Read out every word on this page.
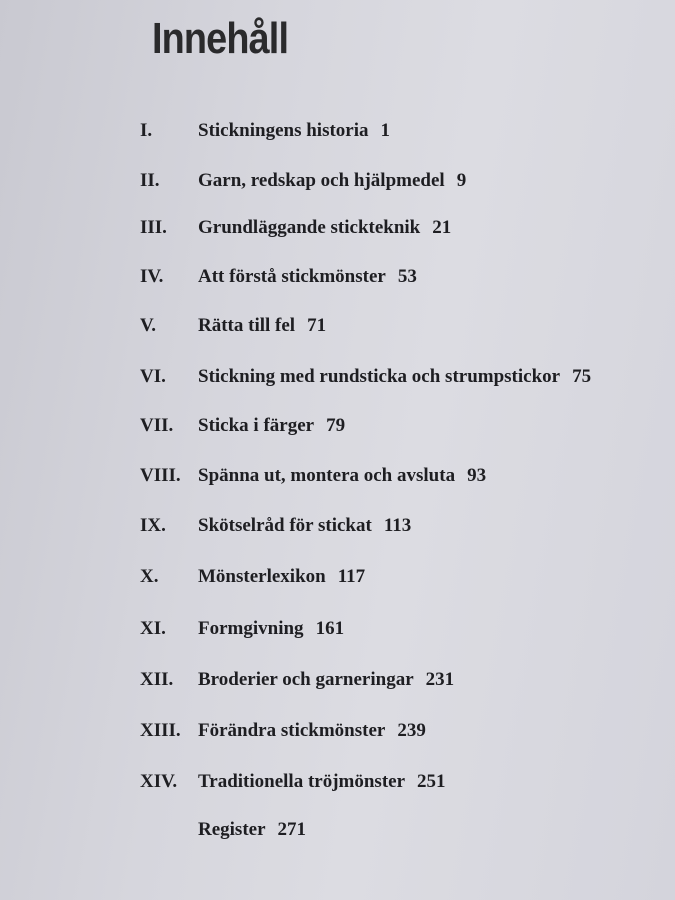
Innehåll
I.	Stickningens historia 1
II.	Garn, redskap och hjälpmedel 9
III.	Grundläggande stickteknik 21
IV.	Att förstå stickmönster 53
V.	Rätta till fel 71
VI.	Stickning med rundsticka och strumpstickor 75
VII.	Sticka i färger 79
VIII. Spänna ut, montera och avsluta 93
IX.	Skötselråd för stickat 113
X.	Mönsterlexikon 117
XI.	Formgivning 161
XII.	Broderier och garneringar 231
XIII. Förändra stickmönster 239
XIV.	Traditionella tröjmönster 251
Register 271
